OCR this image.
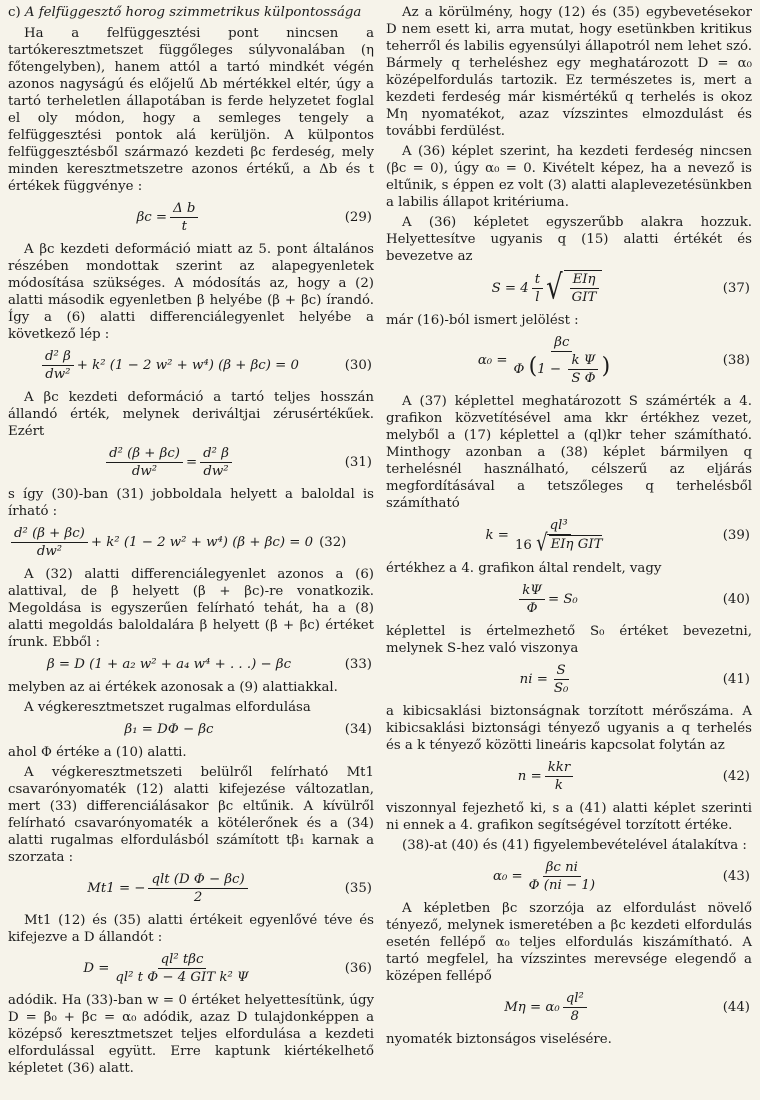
c) A felfüggesztő horog szimmetrikus külpontossága

Ha a felfüggesztési pont nincsen a tartókeresztmetszet függőleges súlyvonalában (η főtengelyben), hanem attól a tartó mindkét végén azonos nagyságú és előjelű Δb mértékkel eltér, úgy a tartó terheletlen állapotában is ferde helyzetet foglal el oly módon, hogy a semleges tengely a felfüggesztési pontok alá kerüljön. A külpontos felfüggesztésből származó kezdeti βc ferdeség, mely minden keresztmetszetre azonos értékű, a Δb és t értékek függvénye :

$\beta c = \frac{\text{Δ b}}{t}$	(29)

A βc kezdeti deformáció miatt az 5. pont általános részében mondottak szerint az alapegyenletek módosítása szükséges. A módosítás az, hogy a (2) alatti második egyenletben β helyébe (β + βc) írandó. Így a (6) alatti differenciálegyenlet helyébe a következő lép :

$\frac{\text{d² β}}{\text{dw²}} + k^2$ (1 − 2 w² + w⁴) (β + βc) = 0	(30)

A βc kezdeti deformáció a tartó teljes hosszán állandó érték, melynek deriváltjai zérusértékűek. Ezért

$\frac{\text{d² (β + βc)}}{\text{dw²}} = \frac{\text{d² β}}{\text{dw²}}$	(31)

s így (30)-ban (31) jobboldala helyett a baloldal is írható :

$\frac{\text{d² (β + βc)}}{\text{dw²}} + k^2$ (1 − 2 w² + w⁴) (β + βc) = 0 (32)

A (32) alatti differenciálegyenlet azonos a (6) alattival, de β helyett (β + βc)-re vonatkozik. Megoldása is egyszerűen felírható tehát, ha a (8) alatti megoldás baloldalára β helyett (β + βc) értéket írunk. Ebből :

β = D (1 + a₂ w² + a₄ w⁴ + . . .) − βc	(33)

melyben az ai értékek azonosak a (9) alattiakkal.

A végkeresztmetszet rugalmas elfordulása

β₁ = DΦ − βc	(34)

ahol Φ értéke a (10) alatti.

A végkeresztmetszeti belülről felírható Mt1 csavarónyomaték (12) alatti kifejezése változatlan, mert (33) differenciálásakor βc eltűnik. A kívülről felírható csavarónyomaték a kötélerőnek és a (34) alatti rugalmas elfordulásból számított tβ₁ karnak a szorzata :

Mt1 = − $\frac{\text{qlt (D Φ − βc)}}{2}$	(35)

Mt1 (12) és (35) alatti értékeit egyenlővé téve és kifejezve a D állandót :

$D = \frac{\text{ql² tβc}}{\text{ql² t Φ − 4 GIT k² Ψ}}$	(36)

adódik. Ha (33)-ban w = 0 értéket helyettesítünk, úgy D = β₀ + βc = α₀ adódik, azaz D tulajdonképpen a középső keresztmetszet teljes elfordulása a kezdeti elfordulással együtt. Erre kaptunk kiértékelhető képletet (36) alatt.

Az a körülmény, hogy (12) és (35) egybevetésekor D nem esett ki, arra mutat, hogy esetünkben kritikus teherről és labilis egyensúlyi állapotról nem lehet szó. Bármely q terheléshez egy meghatározott D = α₀ középelfordulás tartozik. Ez természetes is, mert a kezdeti ferdeség már kismértékű q terhelés is okoz Mη nyomatékot, azaz vízszintes elmozdulást és további ferdülést.

A (36) képlet szerint, ha kezdeti ferdeség nincsen (βc = 0), úgy α₀ = 0. Kivételt képez, ha a nevező is eltűnik, s éppen ez volt (3) alatti alaplevezetésünkben a labilis állapot kritériuma.

A (36) képletet egyszerűbb alakra hozzuk. Helyettesítve ugyanis q (15) alatti értékét és bevezetve az

$S = 4 \frac{t}{l}$ √ $\frac{\text{EIη}}{\text{GIT}}$	(37)

már (16)-ból ismert jelölést :

$\alpha_0 = \frac{\beta c}{\Phi (1 - \frac{\text{k Ψ}}{\text{S Φ}} )}$	(38)

A (37) képlettel meghatározott S számérték a 4. grafikon közvetítésével ama kkr értékhez vezet, melyből a (17) képlettel a (ql)kr teher számítható. Minthogy azonban a (38) képlet bármilyen q terhelésnél használható, célszerű az eljárás megfordításával a tetszőleges q terhelésből számítható

$k = \frac{\text{ql³}}{\text{16 √ EIη GIT}}$	(39)

értékhez a 4. grafikon által rendelt, vagy

$\frac{k\Psi}{\Phi} = S_0$	(40)

képlettel is értelmezhető S₀ értéket bevezetni, melynek S-hez való viszonya

ni = $\frac{S}{\text{S₀}}$	(41)

a kibicsaklási biztonságnak torzított mérőszáma. A kibicsaklási biztonsági tényező ugyanis a q terhelés és a k tényező közötti lineáris kapcsolat folytán az

$n = \frac{\text{kkr}}{k}$	(42)

viszonnyal fejezhető ki, s a (41) alatti képlet szerinti ni ennek a 4. grafikon segítségével torzított értéke.

(38)-at (40) és (41) figyelembevételével átalakítva :

$\alpha_0 = \frac{\text{βc ni}}{\Phi (ni - 1)}$	(43)

A képletben βc szorzója az elfordulást növelő tényező, melynek ismeretében a βc kezdeti elfordulás esetén fellépő α₀ teljes elfordulás kiszámítható. A tartó megfelel, ha vízszintes merevsége elegendő a középen fellépő

$M\eta = \alpha_0 \frac{\text{ql²}}{8}$	(44)

nyomaték biztonságos viselésére.
